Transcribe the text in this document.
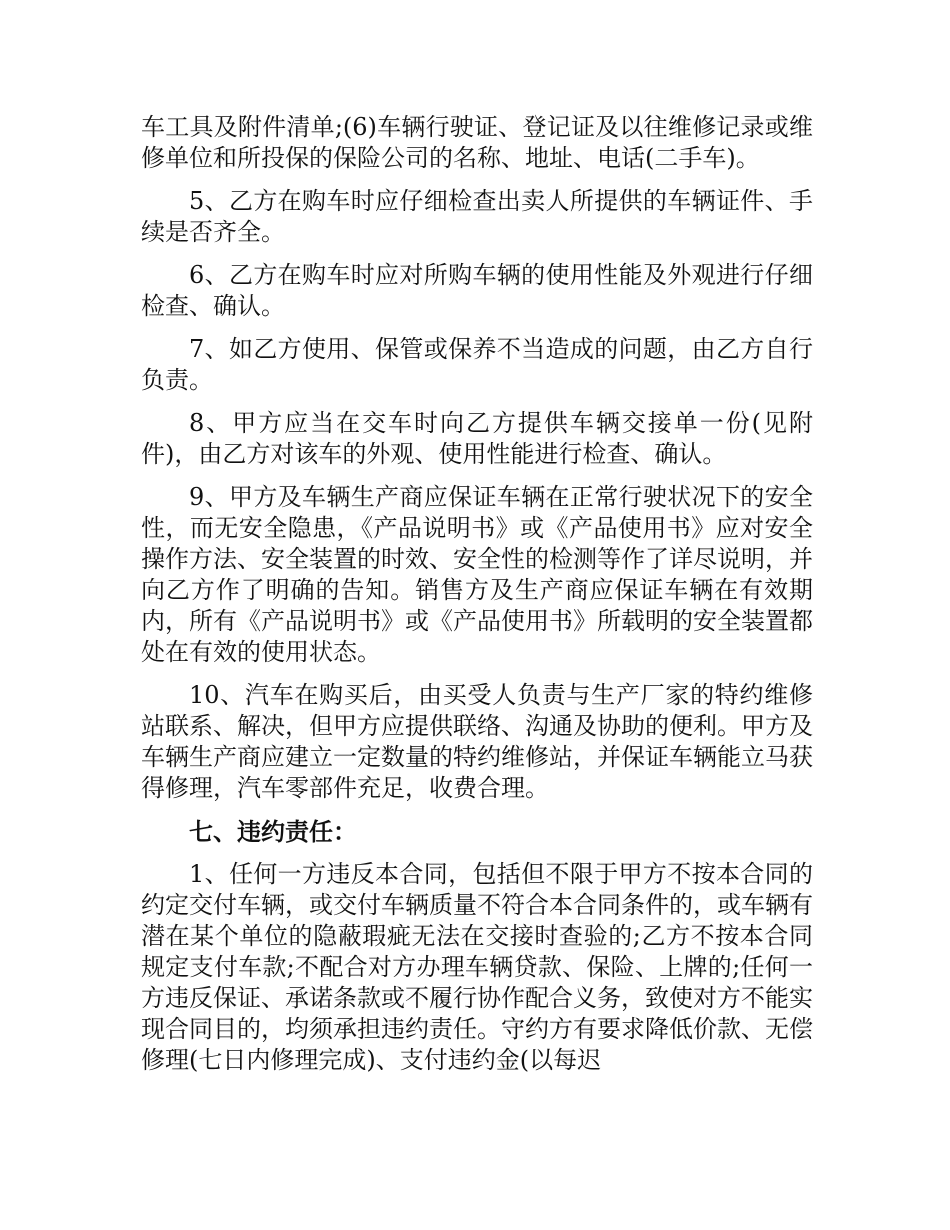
车工具及附件清单;(6)车辆行驶证、登记证及以往维修记录或维修单位和所投保的保险公司的名称、地址、电话(二手车)。

5、乙方在购车时应仔细检查出卖人所提供的车辆证件、手续是否齐全。

6、乙方在购车时应对所购车辆的使用性能及外观进行仔细检查、确认。

7、如乙方使用、保管或保养不当造成的问题，由乙方自行负责。

8、甲方应当在交车时向乙方提供车辆交接单一份(见附件)，由乙方对该车的外观、使用性能进行检查、确认。

9、甲方及车辆生产商应保证车辆在正常行驶状况下的安全性，而无安全隐患，《产品说明书》或《产品使用书》应对安全操作方法、安全装置的时效、安全性的检测等作了详尽说明，并向乙方作了明确的告知。销售方及生产商应保证车辆在有效期内，所有《产品说明书》或《产品使用书》所载明的安全装置都处在有效的使用状态。

10、汽车在购买后，由买受人负责与生产厂家的特约维修站联系、解决，但甲方应提供联络、沟通及协助的便利。甲方及车辆生产商应建立一定数量的特约维修站，并保证车辆能立马获得修理，汽车零部件充足，收费合理。

七、违约责任：

1、任何一方违反本合同，包括但不限于甲方不按本合同的约定交付车辆，或交付车辆质量不符合本合同条件的，或车辆有潜在某个单位的隐蔽瑕疵无法在交接时查验的;乙方不按本合同规定支付车款;不配合对方办理车辆贷款、保险、上牌的;任何一方违反保证、承诺条款或不履行协作配合义务，致使对方不能实现合同目的，均须承担违约责任。守约方有要求降低价款、无偿修理(七日内修理完成)、支付违约金(以每迟
